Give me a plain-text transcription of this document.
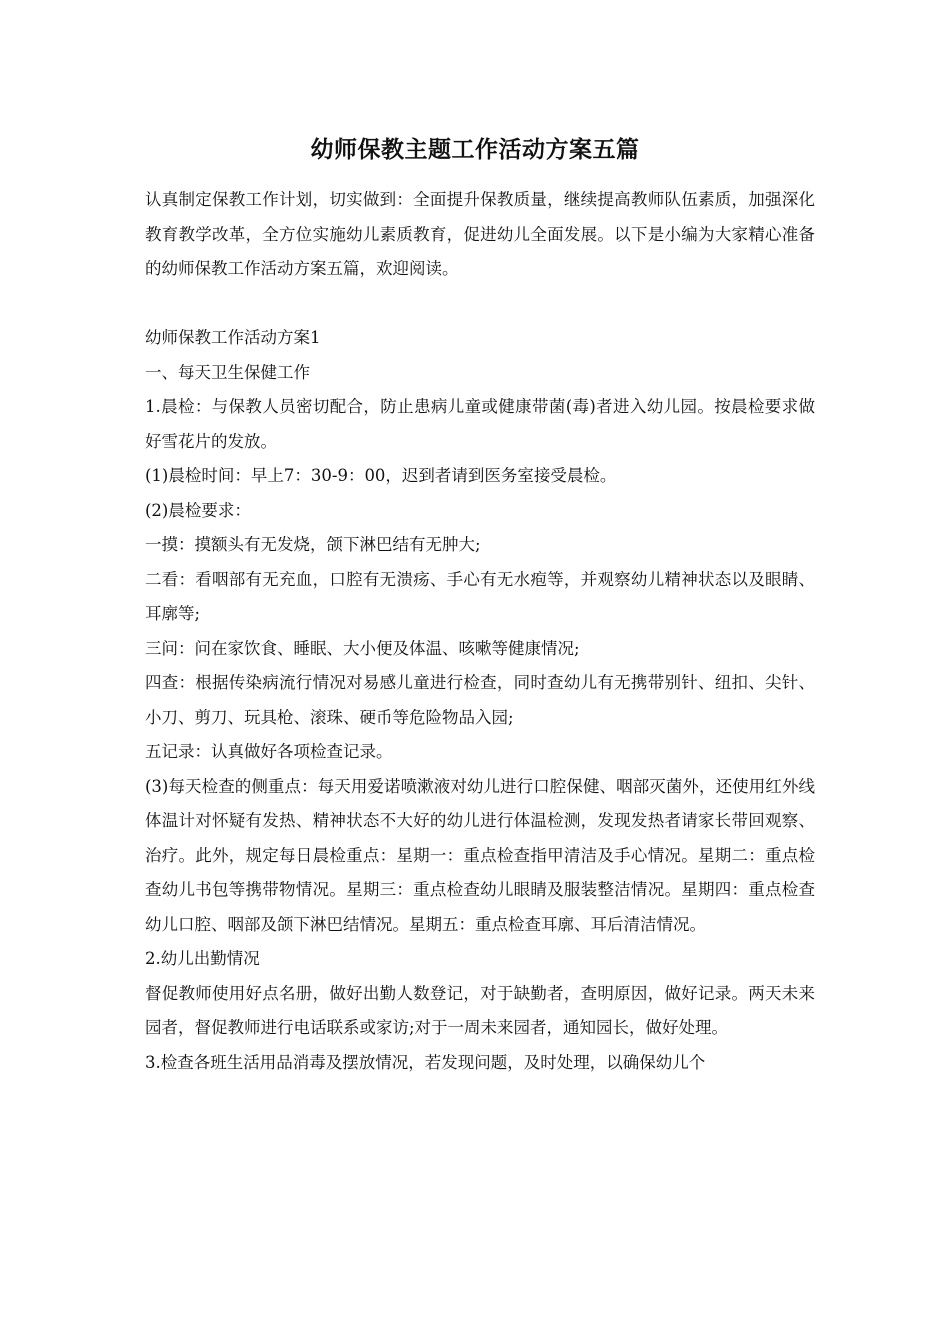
幼师保教主题工作活动方案五篇

认真制定保教工作计划，切实做到：全面提升保教质量，继续提高教师队伍素质，加强深化教育教学改革，全方位实施幼儿素质教育，促进幼儿全面发展。以下是小编为大家精心准备的幼师保教工作活动方案五篇，欢迎阅读。

幼师保教工作活动方案1

一、每天卫生保健工作

1.晨检：与保教人员密切配合，防止患病儿童或健康带菌(毒)者进入幼儿园。按晨检要求做好雪花片的发放。

(1)晨检时间：早上7：30-9：00，迟到者请到医务室接受晨检。

(2)晨检要求：

一摸：摸额头有无发烧，颌下淋巴结有无肿大;

二看：看咽部有无充血，口腔有无溃疡、手心有无水疱等，并观察幼儿精神状态以及眼睛、耳廓等;

三问：问在家饮食、睡眠、大小便及体温、咳嗽等健康情况;

四查：根据传染病流行情况对易感儿童进行检查，同时查幼儿有无携带别针、纽扣、尖针、小刀、剪刀、玩具枪、滚珠、硬币等危险物品入园;

五记录：认真做好各项检查记录。

(3)每天检查的侧重点：每天用爱诺喷漱液对幼儿进行口腔保健、咽部灭菌外，还使用红外线体温计对怀疑有发热、精神状态不大好的幼儿进行体温检测，发现发热者请家长带回观察、治疗。此外，规定每日晨检重点：星期一：重点检查指甲清洁及手心情况。星期二：重点检查幼儿书包等携带物情况。星期三：重点检查幼儿眼睛及服装整洁情况。星期四：重点检查幼儿口腔、咽部及颌下淋巴结情况。星期五：重点检查耳廓、耳后清洁情况。

2.幼儿出勤情况

督促教师使用好点名册，做好出勤人数登记，对于缺勤者，查明原因，做好记录。两天未来园者，督促教师进行电话联系或家访;对于一周未来园者，通知园长，做好处理。

3.检查各班生活用品消毒及摆放情况，若发现问题，及时处理，以确保幼儿个
